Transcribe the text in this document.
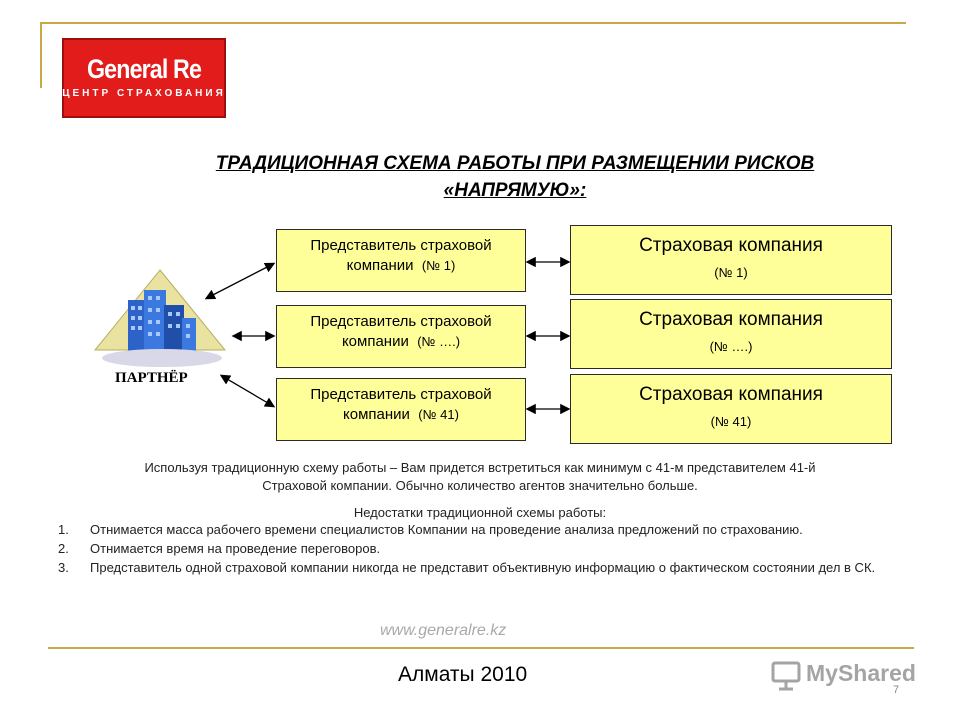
General Re
ЦЕНТР СТРАХОВАНИЯ
ТРАДИЦИОННАЯ СХЕМА РАБОТЫ ПРИ РАЗМЕЩЕНИИ РИСКОВ
«НАПРЯМУЮ»:
ПАРТНЁР
Представитель страховой
компании (№ 1)
Представитель страховой
компании (№ ….)
Представитель страховой
компании (№ 41)
Страховая компания
(№ 1)
Страховая компания
(№ ….)
Страховая компания
(№ 41)
Используя традиционную схему работы – Вам придется встретиться как минимум с 41-м представителем 41-й
Страховой компании. Обычно количество агентов значительно больше.
Недостатки традиционной схемы работы:
1.	Отнимается масса рабочего времени специалистов Компании на проведение анализа предложений по страхованию.
2.	Отнимается время на проведение переговоров.
3.	Представитель одной страховой компании никогда не представит объективную информацию о фактическом состоянии дел в СК.
www.generalre.kz
Алматы 2010	MyShared
7
